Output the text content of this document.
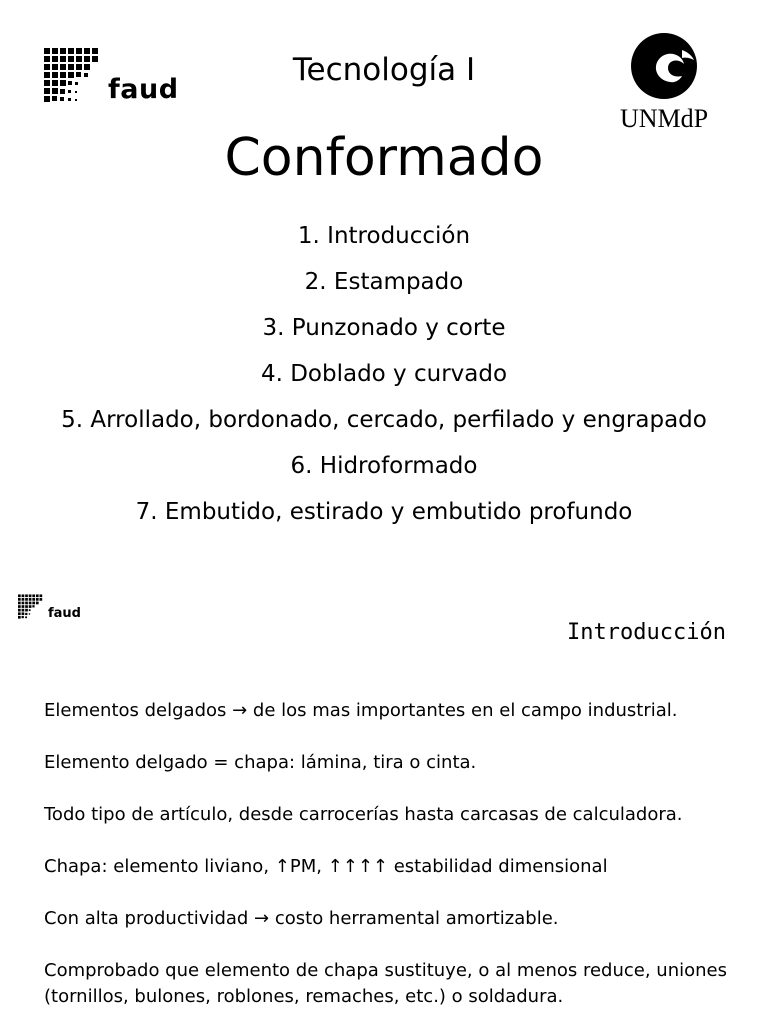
faud
Tecnología I
UNMdP
Conformado
1. Introducción
2. Estampado
3. Punzonado y corte
4. Doblado y curvado
5. Arrollado, bordonado, cercado, perfilado y engrapado
6. Hidroformado
7. Embutido, estirado y embutido profundo
faud
Introducción

Elementos delgados → de los mas importantes en el campo industrial.

Elemento delgado = chapa: lámina, tira o cinta.

Todo tipo de artículo, desde carrocerías hasta carcasas de calculadora.

Chapa: elemento liviano, ↑PM, ↑↑↑↑ estabilidad dimensional

Con alta productividad → costo herramental amortizable.

Comprobado que elemento de chapa sustituye, o al menos reduce, uniones (tornillos, bulones, roblones, remaches, etc.) o soldadura.
